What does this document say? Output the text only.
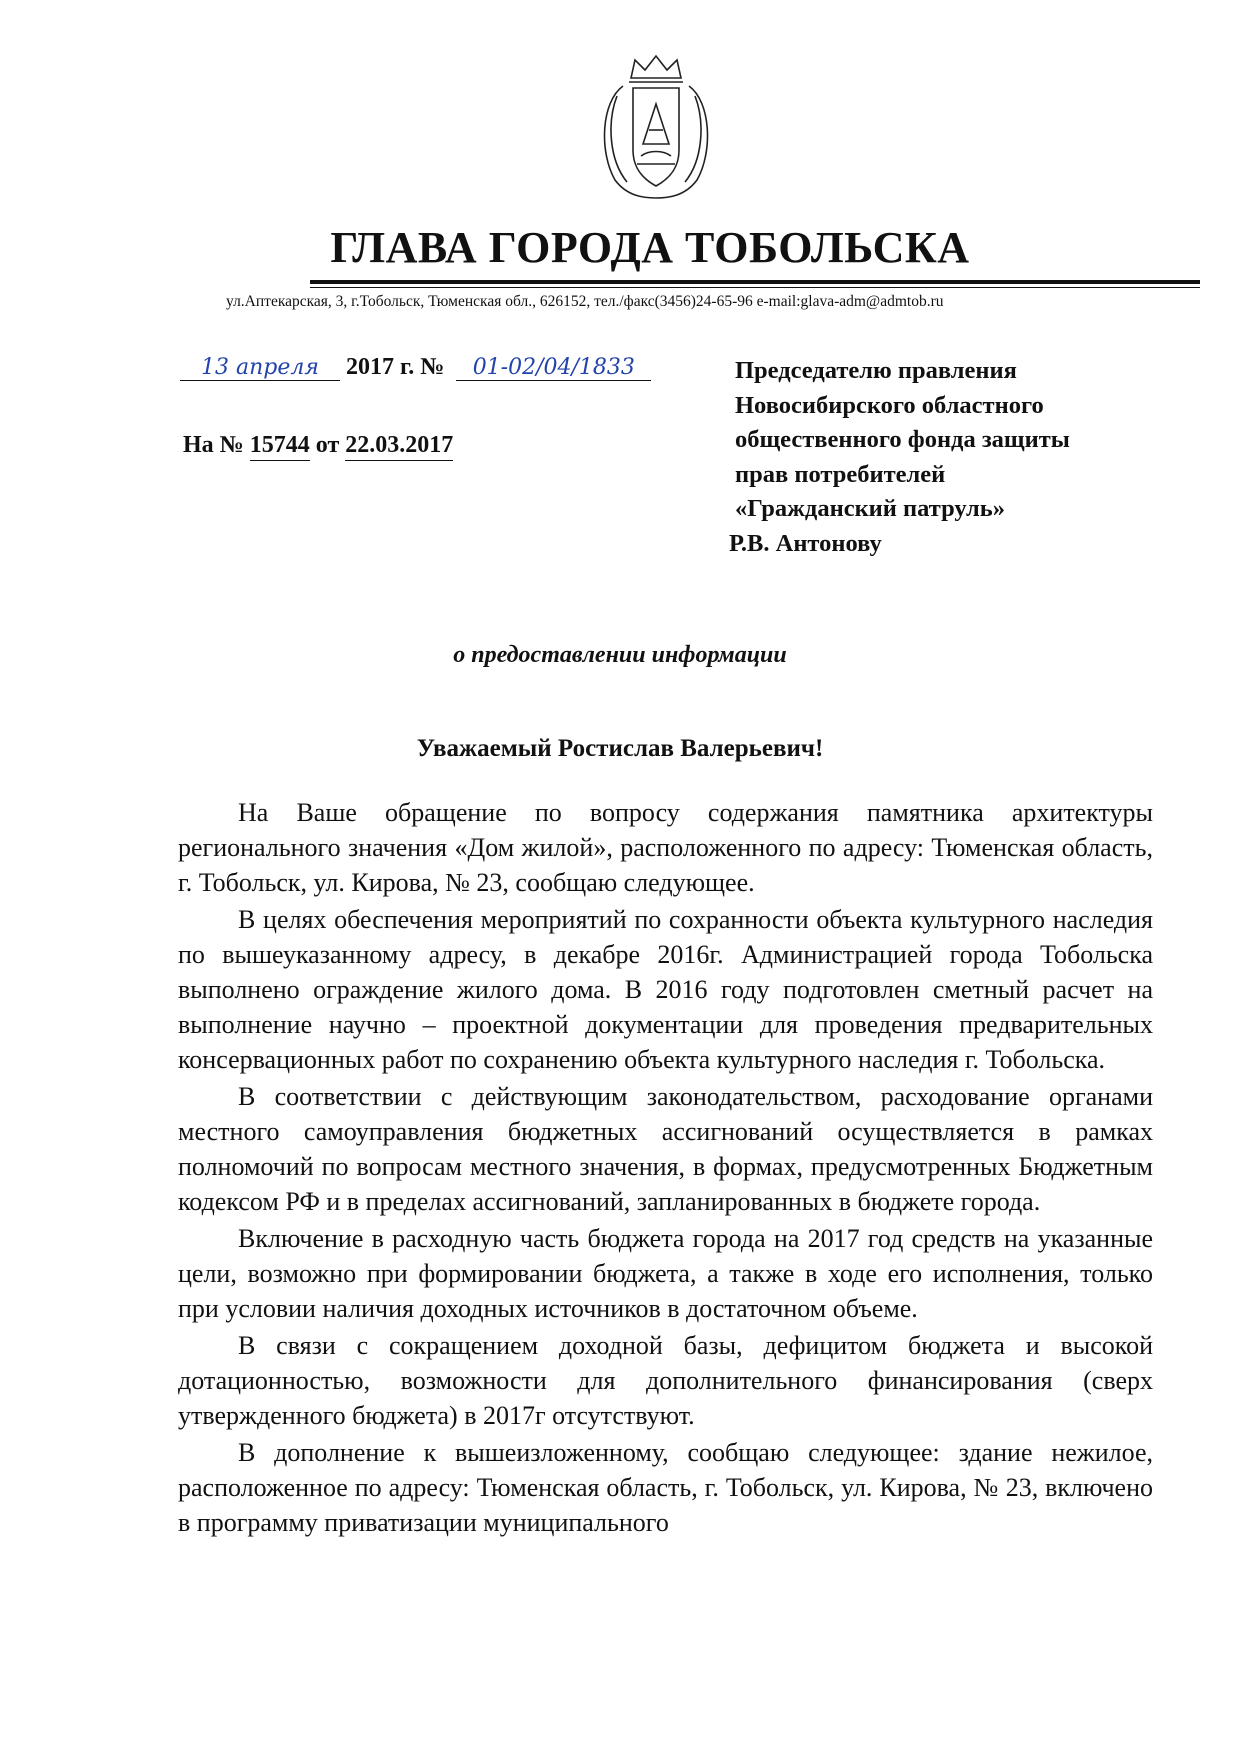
ГЛАВА ГОРОДА ТОБОЛЬСКА
ул.Аптекарская, 3, г.Тобольск, Тюменская обл., 626152, тел./факс(3456)24-65-96 e-mail:glava-adm@admtob.ru
13 апреля 2017 г. № 01-02/04/1833
На № 15744 от 22.03.2017
Председателю правления
Новосибирского областного
общественного фонда защиты
прав потребителей
«Гражданский патруль»
Р.В. Антонову
о предоставлении информации
Уважаемый Ростислав Валерьевич!

На Ваше обращение по вопросу содержания памятника архитектуры регионального значения «Дом жилой», расположенного по адресу: Тюменская область, г. Тобольск, ул. Кирова, № 23, сообщаю следующее.

В целях обеспечения мероприятий по сохранности объекта культурного наследия по вышеуказанному адресу, в декабре 2016г. Администрацией города Тобольска выполнено ограждение жилого дома. В 2016 году подготовлен сметный расчет на выполнение научно – проектной документации для проведения предварительных консервационных работ по сохранению объекта культурного наследия г. Тобольска.

В соответствии с действующим законодательством, расходование органами местного самоуправления бюджетных ассигнований осуществляется в рамках полномочий по вопросам местного значения, в формах, предусмотренных Бюджетным кодексом РФ и в пределах ассигнований, запланированных в бюджете города.

Включение в расходную часть бюджета города на 2017 год средств на указанные цели, возможно при формировании бюджета, а также в ходе его исполнения, только при условии наличия доходных источников в достаточном объеме.

В связи с сокращением доходной базы, дефицитом бюджета и высокой дотационностью, возможности для дополнительного финансирования (сверх утвержденного бюджета) в 2017г отсутствуют.

В дополнение к вышеизложенному, сообщаю следующее: здание нежилое, расположенное по адресу: Тюменская область, г. Тобольск, ул. Кирова, № 23, включено в программу приватизации муниципального
